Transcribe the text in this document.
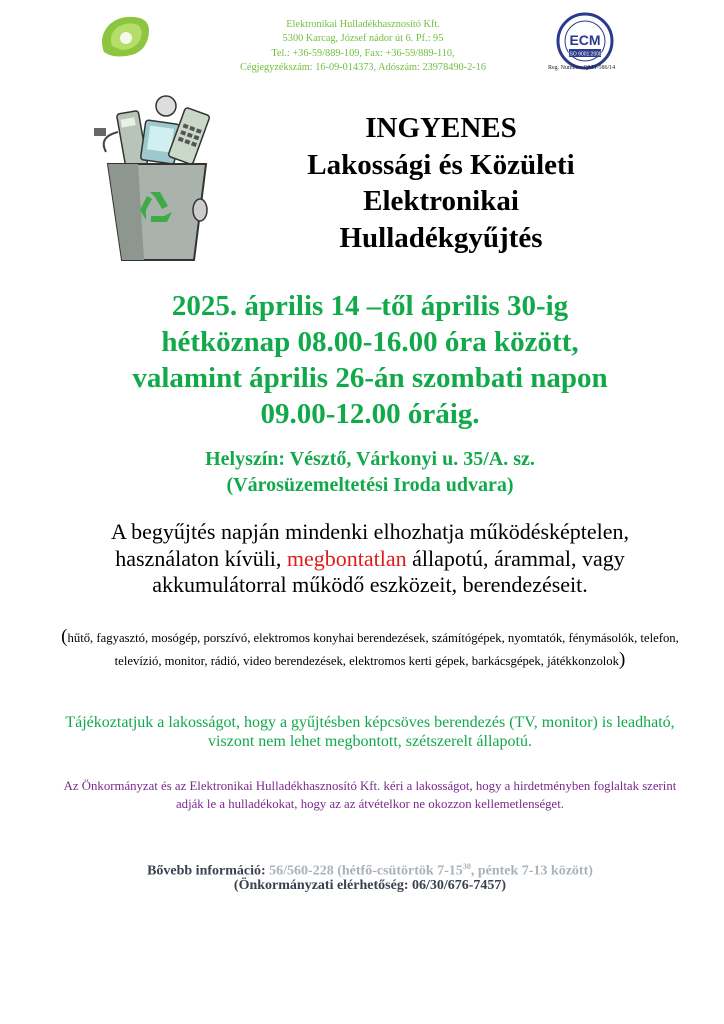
Elektronikai Hulladékhasznosító Kft.
5300 Karcag, József nádor út 6. Pf.: 95
Tel.: +36-59/889-109, Fax: +36-59/889-110,
Cégjegyzékszám: 16-09-014373, Adószám: 23978490-2-16
ECM
ISO 9001:2008
Reg. Number: QMS-586/14
INGYENES
Lakossági és Közületi
Elektronikai
Hulladékgyűjtés
2025. április 14 –től április 30-ig
hétköznap 08.00-16.00 óra között,
valamint április 26-án szombati napon
09.00-12.00 óráig.
Helyszín: Vésztő, Várkonyi u. 35/A. sz.
(Városüzemeltetési Iroda udvara)
A begyűjtés napján mindenki elhozhatja működésképtelen, használaton kívüli, megbontatlan állapotú, árammal, vagy akkumulátorral működő eszközeit, berendezéseit.
(hűtő, fagyasztó, mosógép, porszívó, elektromos konyhai berendezések, számítógépek, nyomtatók, fénymásolók, telefon, televízió, monitor, rádió, video berendezések, elektromos kerti gépek, barkácsgépek, játékkonzolok)
Tájékoztatjuk a lakosságot, hogy a gyűjtésben képcsöves berendezés (TV, monitor) is leadható, viszont nem lehet megbontott, szétszerelt állapotú.
Az Önkormányzat és az Elektronikai Hulladékhasznosító Kft. kéri a lakosságot, hogy a hirdetményben foglaltak szerint adják le a hulladékokat, hogy az az átvételkor ne okozzon kellemetlenséget.
Bővebb információ: 56/560-228 (hétfő-csütörtök $7-15^{30}$, péntek 7-13 között)
(Önkormányzati elérhetőség: 06/30/676-7457)
